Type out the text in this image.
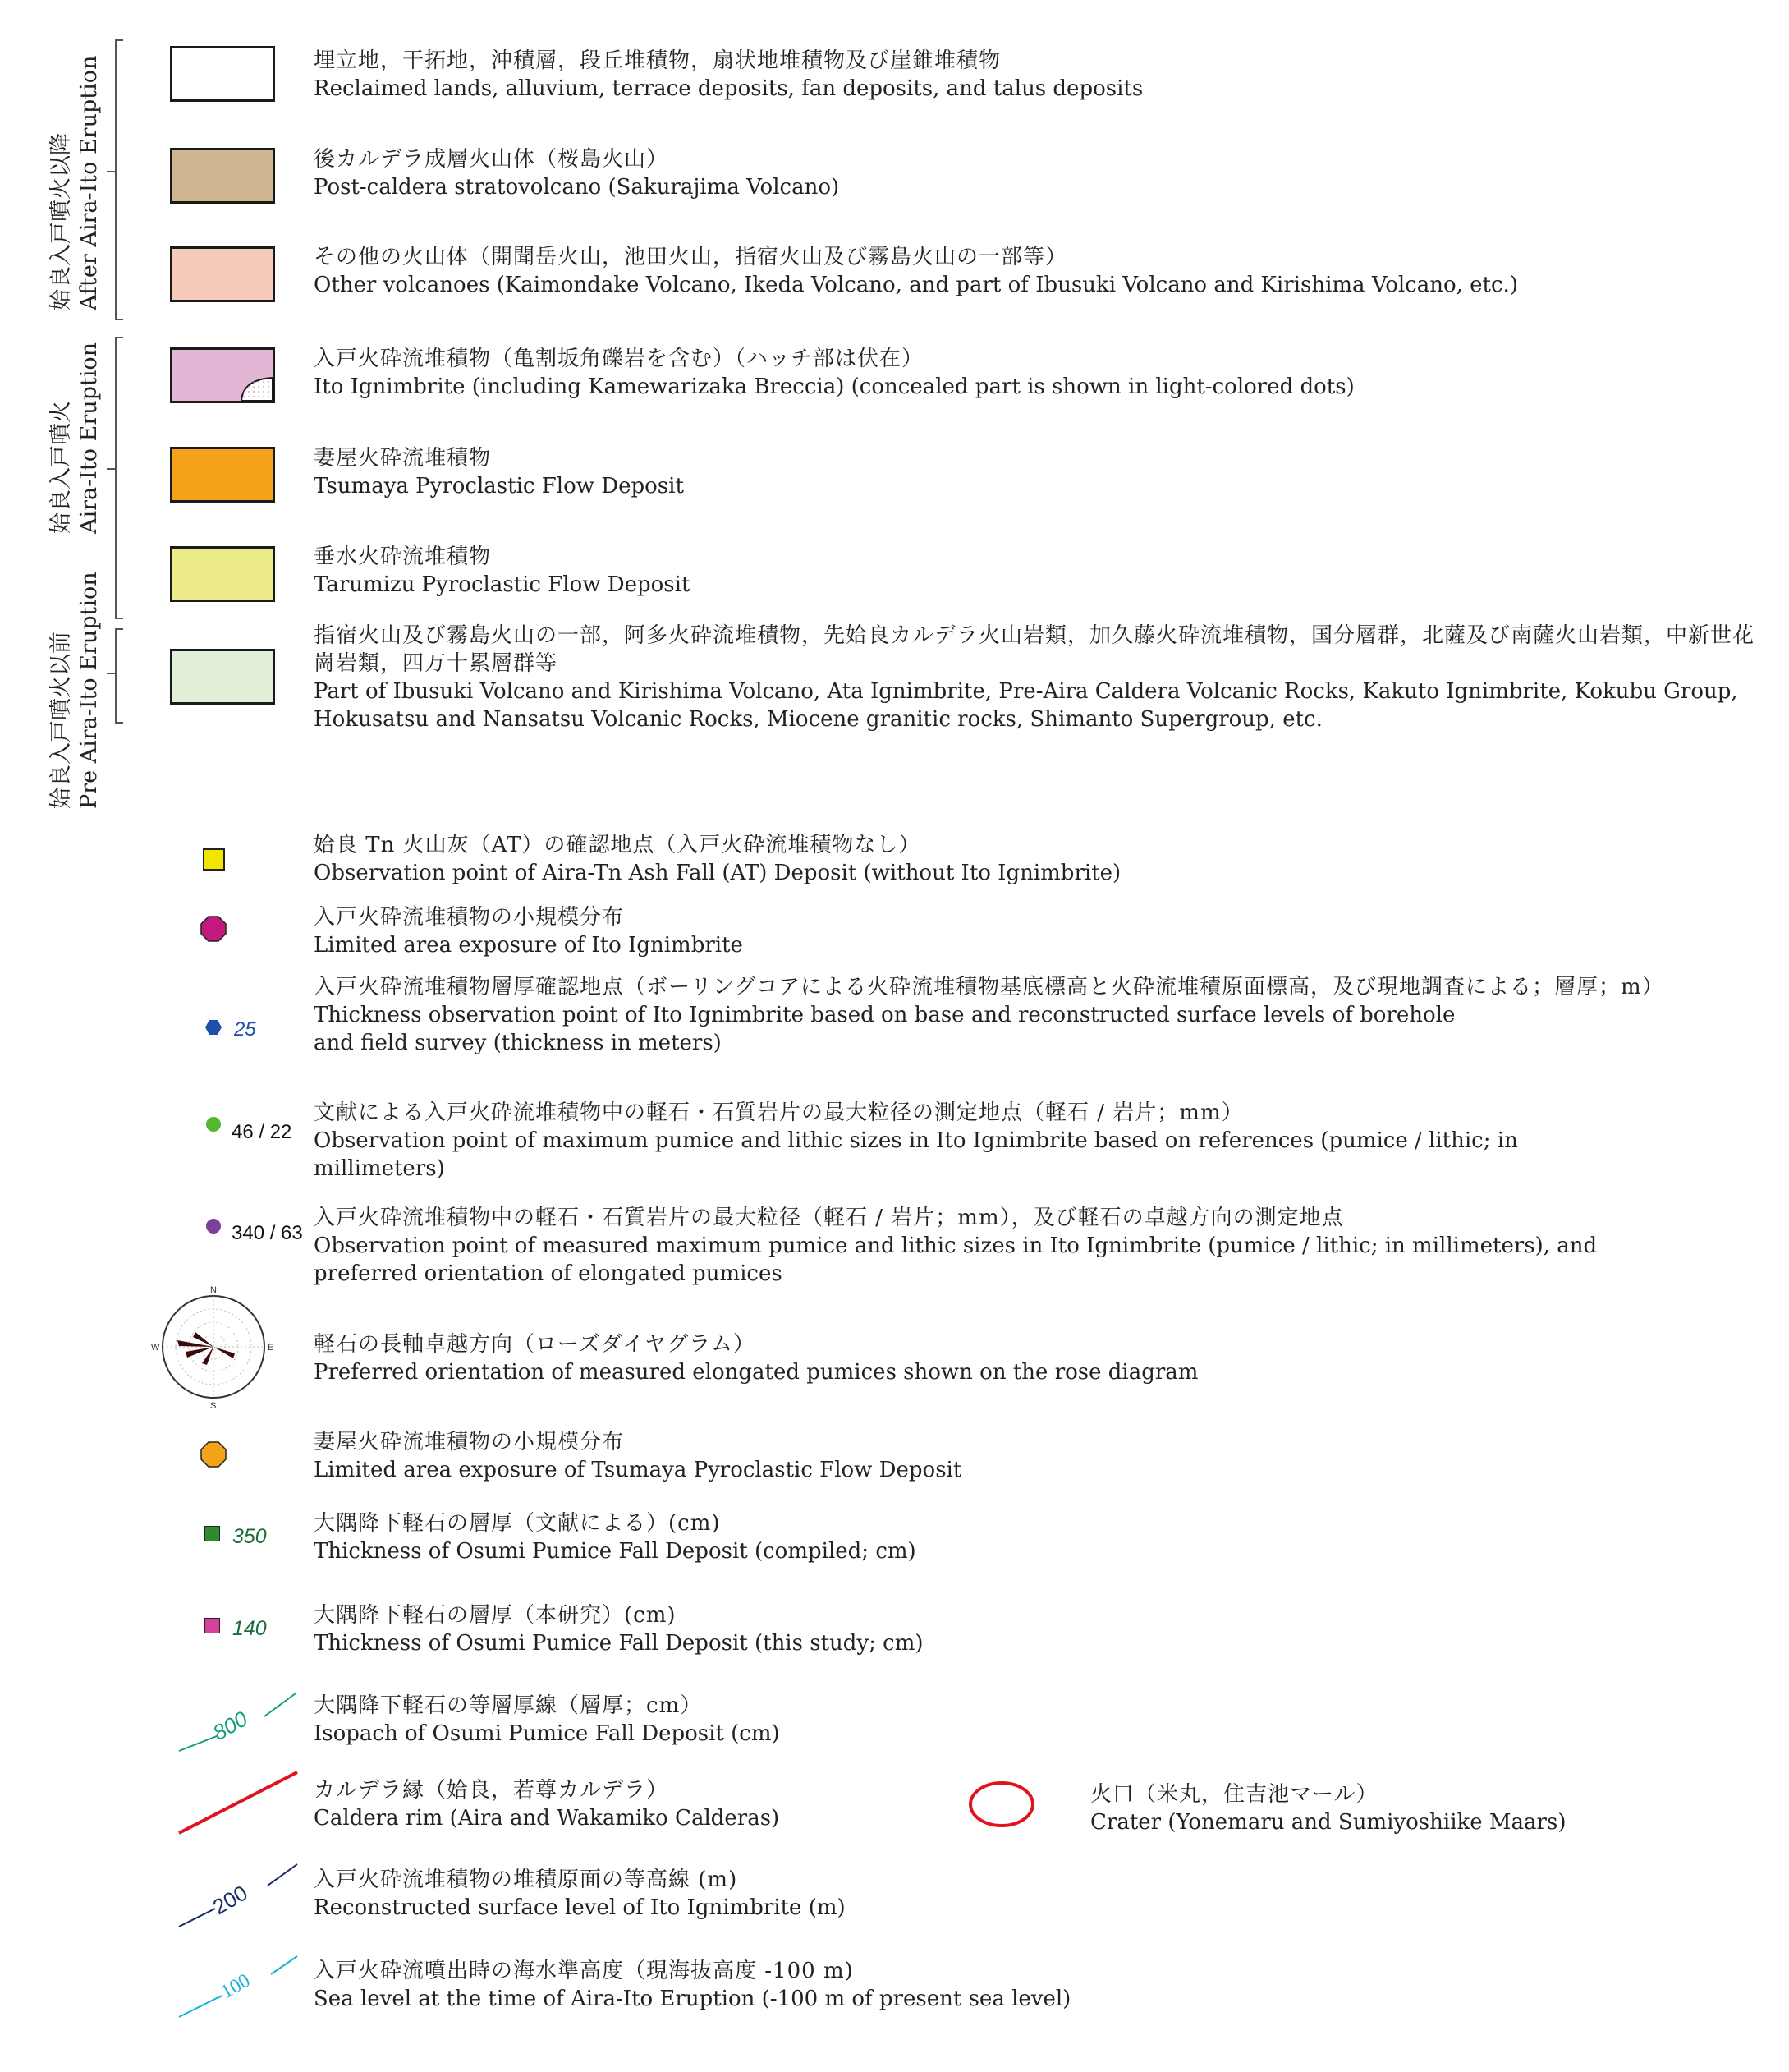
姶良入戸噴火以降 After Aira-Ito Eruption
姶良入戸噴火 Aira-Ito Eruption
姶良入戸噴火以前 Pre Aira-Ito Eruption
埋立地，干拓地，沖積層，段丘堆積物，扇状地堆積物及び崖錐堆積物
Reclaimed lands, alluvium, terrace deposits, fan deposits, and talus deposits
後カルデラ成層火山体（桜島火山）
Post-caldera stratovolcano (Sakurajima Volcano)
その他の火山体（開聞岳火山，池田火山，指宿火山及び霧島火山の一部等）
Other volcanoes (Kaimondake Volcano, Ikeda Volcano, and part of Ibusuki Volcano and Kirishima Volcano, etc.)
入戸火砕流堆積物（亀割坂角礫岩を含む）（ハッチ部は伏在）
Ito Ignimbrite (including Kamewarizaka Breccia) (concealed part is shown in light-colored dots)
妻屋火砕流堆積物
Tsumaya Pyroclastic Flow Deposit
垂水火砕流堆積物
Tarumizu Pyroclastic Flow Deposit
指宿火山及び霧島火山の一部，阿多火砕流堆積物，先姶良カルデラ火山岩類，加久藤火砕流堆積物，国分層群，北薩及び南薩火山岩類，中新世花崗岩類，四万十累層群等
Part of Ibusuki Volcano and Kirishima Volcano, Ata Ignimbrite, Pre-Aira Caldera Volcanic Rocks, Kakuto Ignimbrite, Kokubu Group, Hokusatsu and Nansatsu Volcanic Rocks, Miocene granitic rocks, Shimanto Supergroup, etc.
姶良 Tn 火山灰（AT）の確認地点（入戸火砕流堆積物なし）
Observation point of Aira-Tn Ash Fall (AT) Deposit (without Ito Ignimbrite)
入戸火砕流堆積物の小規模分布
Limited area exposure of Ito Ignimbrite
25
入戸火砕流堆積物層厚確認地点（ボーリングコアによる火砕流堆積物基底標高と火砕流堆積原面標高，及び現地調査による；層厚；m）
Thickness observation point of Ito Ignimbrite based on base and reconstructed surface levels of borehole and field survey (thickness in meters)
46 / 22
文献による入戸火砕流堆積物中の軽石・石質岩片の最大粒径の測定地点（軽石 / 岩片；mm）
Observation point of maximum pumice and lithic sizes in Ito Ignimbrite based on references (pumice / lithic; in millimeters)
340 / 63
入戸火砕流堆積物中の軽石・石質岩片の最大粒径（軽石 / 岩片；mm），及び軽石の卓越方向の測定地点
Observation point of measured maximum pumice and lithic sizes in Ito Ignimbrite (pumice / lithic; in millimeters), and preferred orientation of elongated pumices
N
E
S
W	軽石の長軸卓越方向（ローズダイヤグラム）
Preferred orientation of measured elongated pumices shown on the rose diagram
妻屋火砕流堆積物の小規模分布
Limited area exposure of Tsumaya Pyroclastic Flow Deposit
350
大隅降下軽石の層厚（文献による）(cm)
Thickness of Osumi Pumice Fall Deposit (compiled; cm)
140
大隅降下軽石の層厚（本研究）(cm)
Thickness of Osumi Pumice Fall Deposit (this study; cm)
800
大隅降下軽石の等層厚線（層厚；cm）
Isopach of Osumi Pumice Fall Deposit (cm)
カルデラ縁（姶良，若尊カルデラ）
Caldera rim (Aira and Wakamiko Calderas)
火口（米丸，住吉池マール）
Crater (Yonemaru and Sumiyoshiike Maars)
200
入戸火砕流堆積物の堆積原面の等高線 (m)
Reconstructed surface level of Ito Ignimbrite (m)
-100	入戸火砕流噴出時の海水準高度（現海抜高度 -100 m)
Sea level at the time of Aira-Ito Eruption (-100 m of present sea level)
